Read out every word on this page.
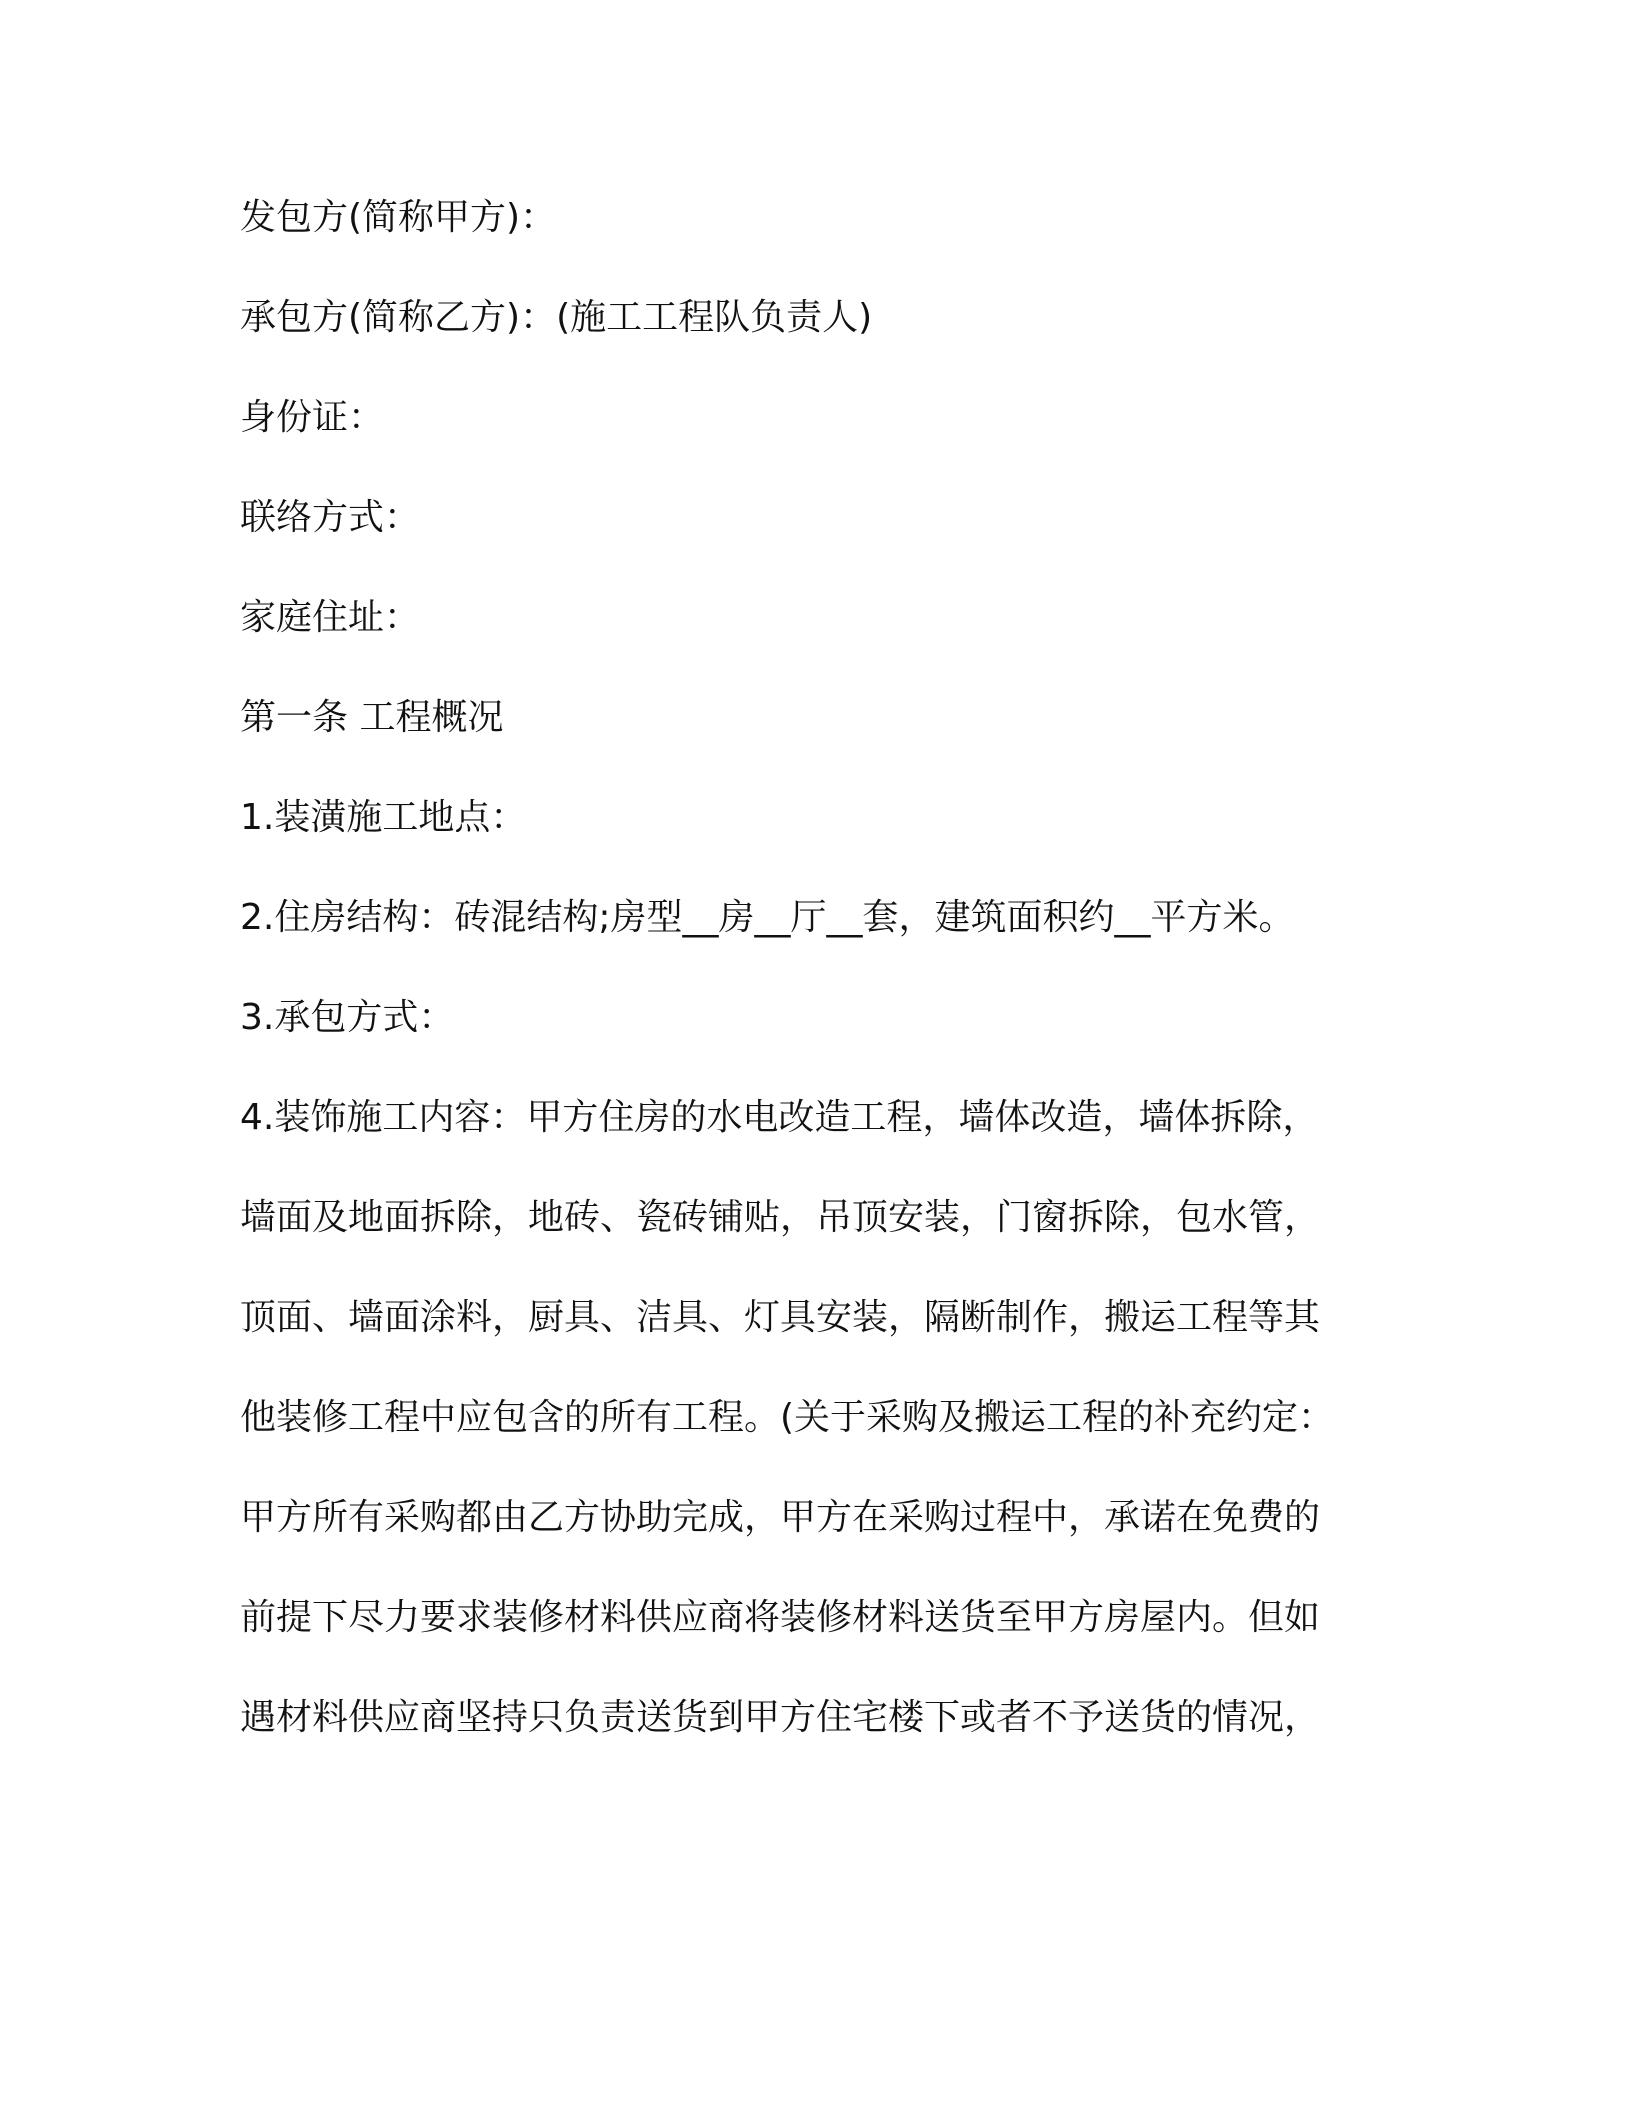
发包方(简称甲方)：
承包方(简称乙方)：(施工工程队负责人)
身份证：
联络方式：
家庭住址：
第一条 工程概况
1.装潢施工地点：
2.住房结构：砖混结构;房型__房__厅__套，建筑面积约__平方米。
3.承包方式：
4.装饰施工内容：甲方住房的水电改造工程，墙体改造，墙体拆除，
墙面及地面拆除，地砖、瓷砖铺贴，吊顶安装，门窗拆除，包水管，
顶面、墙面涂料，厨具、洁具、灯具安装，隔断制作，搬运工程等其
他装修工程中应包含的所有工程。(关于采购及搬运工程的补充约定：
甲方所有采购都由乙方协助完成，甲方在采购过程中，承诺在免费的
前提下尽力要求装修材料供应商将装修材料送货至甲方房屋内。但如
遇材料供应商坚持只负责送货到甲方住宅楼下或者不予送货的情况，
